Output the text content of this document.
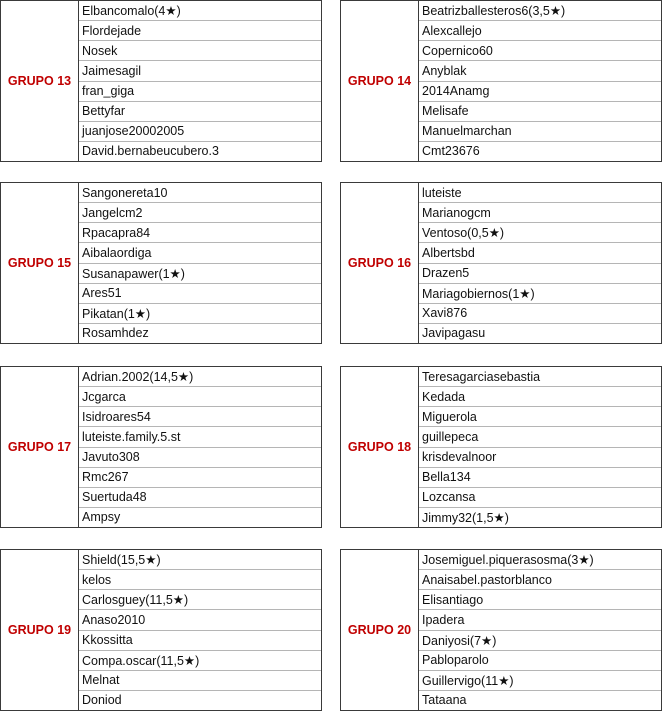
GRUPO 13
Elbancomalo(4★)
Flordejade
Nosek
Jaimesagil
fran_giga
Bettyfar
juanjose20002005
David.bernabeucubero.3
GRUPO 14
Beatrizballesteros6(3,5★)
Alexcallejo
Copernico60
Anyblak
2014Anamg
Melisafe
Manuelmarchan
Cmt23676
GRUPO 15
Sangonereta10
Jangelcm2
Rpacapra84
Aibalaordiga
Susanapawer(1★)
Ares51
Pikatan(1★)
Rosamhdez
GRUPO 16
luteiste
Marianogcm
Ventoso(0,5★)
Albertsbd
Drazen5
Mariagobiernos(1★)
Xavi876
Javipagasu
GRUPO 17
Adrian.2002(14,5★)
Jcgarca
Isidroares54
luteiste.family.5.st
Javuto308
Rmc267
Suertuda48
Ampsy
GRUPO 18
Teresagarciasebastia
Kedada
Miguerola
guillepeca
krisdevalnoor
Bella134
Lozcansa
Jimmy32(1,5★)
GRUPO 19
Shield(15,5★)
kelos
Carlosguey(11,5★)
Anaso2010
Kkossitta
Compa.oscar(11,5★)
Melnat
Doniod
GRUPO 20
Josemiguel.piquerasosma(3★)
Anaisabel.pastorblanco
Elisantiago
Ipadera
Daniyosi(7★)
Pabloparolo
Guillervigo(11★)
Tataana
